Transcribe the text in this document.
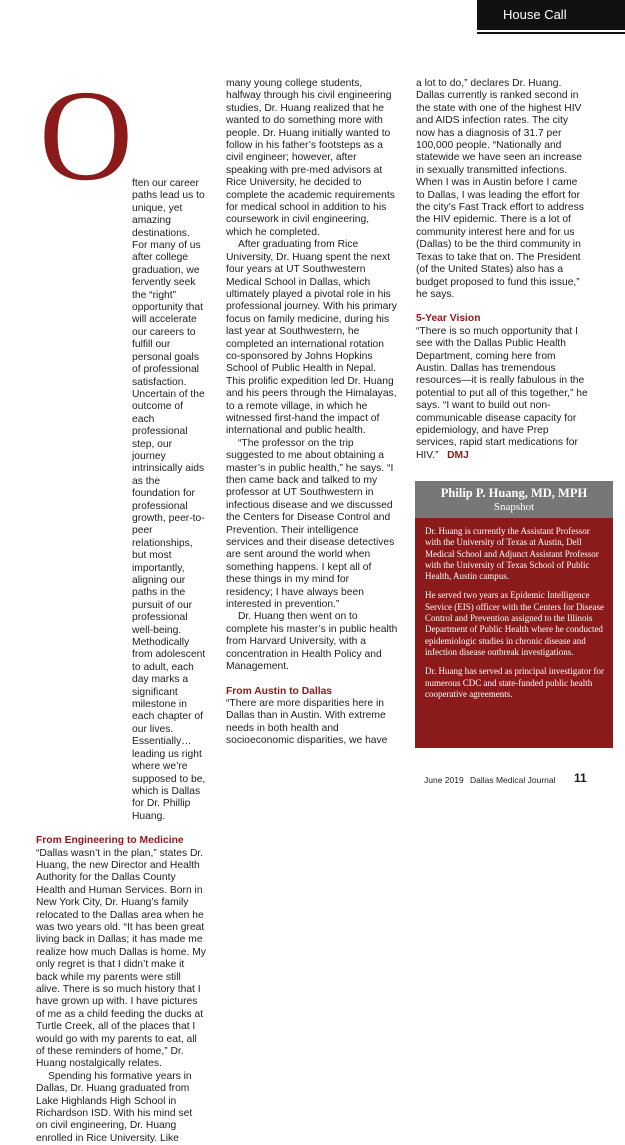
House Call
O ften our career paths lead us to unique, yet amazing destinations. For many of us after college graduation, we fervently seek the “right” opportunity that will accelerate our careers to fulfill our personal goals of professional satisfaction. Uncertain of the outcome of each professional step, our journey intrinsically aids as the foundation for professional growth, peer-to-peer relationships, but most importantly, aligning our paths in the pursuit of our professional well-being. Methodically from adolescent to adult, each day marks a significant milestone in each chapter of our lives. Essentially…leading us right where we’re supposed to be, which is Dallas for Dr. Phillip Huang.

From Engineering to Medicine

“Dallas wasn’t in the plan,” states Dr. Huang, the new Director and Health Authority for the Dallas County Health and Human Services. Born in New York City, Dr. Huang’s family relocated to the Dallas area when he was two years old. “It has been great living back in Dallas; it has made me realize how much Dallas is home. My only regret is that I didn’t make it back while my parents were still alive. There is so much history that I have grown up with. I have pictures of me as a child feeding the ducks at Turtle Creek, all of the places that I would go with my parents to eat, all of these reminders of home,” Dr. Huang nostalgically relates.

Spending his formative years in Dallas, Dr. Huang graduated from Lake Highlands High School in Richardson ISD. With his mind set on civil engineering, Dr. Huang enrolled in Rice University. Like

many young college students, halfway through his civil engineering studies, Dr. Huang realized that he wanted to do something more with people. Dr. Huang initially wanted to follow in his father’s footsteps as a civil engineer; however, after speaking with pre-med advisors at Rice University, he decided to complete the academic requirements for medical school in addition to his coursework in civil engineering, which he completed.

After graduating from Rice University, Dr. Huang spent the next four years at UT Southwestern Medical School in Dallas, which ultimately played a pivotal role in his professional journey. With his primary focus on family medicine, during his last year at Southwestern, he completed an international rotation co-sponsored by Johns Hopkins School of Public Health in Nepal. This prolific expedition led Dr. Huang and his peers through the Himalayas, to a remote village, in which he witnessed first-hand the impact of international and public health.

“The professor on the trip suggested to me about obtaining a master’s in public health,” he says. “I then came back and talked to my professor at UT Southwestern in infectious disease and we discussed the Centers for Disease Control and Prevention. Their intelligence services and their disease detectives are sent around the world when something happens. I kept all of these things in my mind for residency; I have always been interested in prevention.”

Dr. Huang then went on to complete his master’s in public health from Harvard University, with a concentration in Health Policy and Management.

From Austin to Dallas

“There are more disparities here in Dallas than in Austin. With extreme needs in both health and socioeconomic disparities, we have

a lot to do,” declares Dr. Huang. Dallas currently is ranked second in the state with one of the highest HIV and AIDS infection rates. The city now has a diagnosis of 31.7 per 100,000 people. “Nationally and statewide we have seen an increase in sexually transmitted infections. When I was in Austin before I came to Dallas, I was leading the effort for the city’s Fast Track effort to address the HIV epidemic. There is a lot of community interest here and for us (Dallas) to be the third community in Texas to take that on. The President (of the United States) also has a budget proposed to fund this issue,” he says.

5-Year Vision

“There is so much opportunity that I see with the Dallas Public Health Department, coming here from Austin. Dallas has tremendous resources—it is really fabulous in the potential to put all of this together,” he says. “I want to build out non-communicable disease capacity for epidemiology, and have Prep services, rapid start medications for HIV.” DMJ

Philip P. Huang, MD, MPH
Snapshot

Dr. Huang is currently the Assistant Professor with the University of Texas at Austin, Dell Medical School and Adjunct Assistant Professor with the University of Texas School of Public Health, Austin campus.

He served two years as Epidemic Intelligence Service (EIS) officer with the Centers for Disease Control and Prevention assigned to the Illinois Department of Public Health where he conducted epidemiologic studies in chronic disease and infection disease outbreak investigations.

Dr. Huang has served as principal investigator for numerous CDC and state-funded public health cooperative agreements.

June 2019 Dallas Medical Journal 11
